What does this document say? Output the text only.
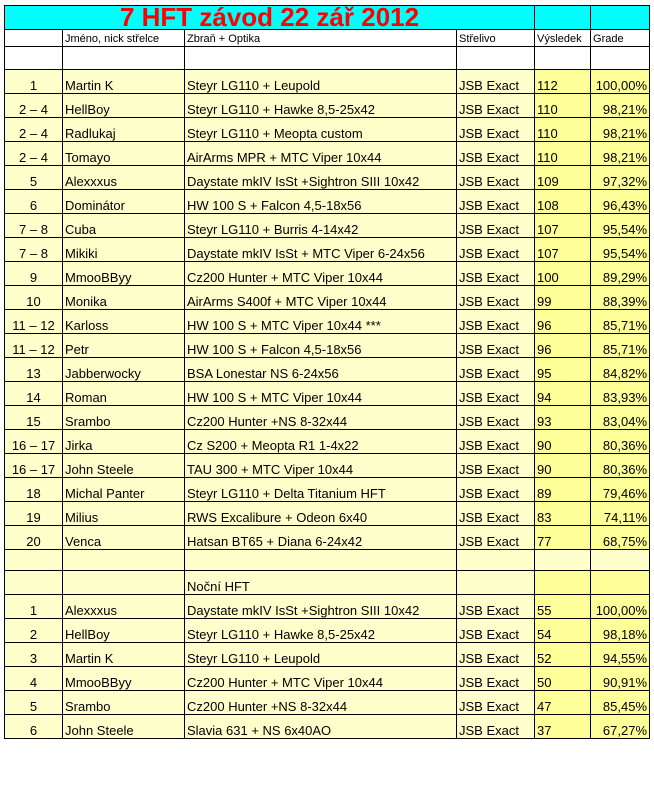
7 HFT závod 22 zář 2012					
	Jméno, nick střelce	Zbraň + Optika	Střelivo	Výsledek	Grade

1	Martin K	Steyr LG110 + Leupold	JSB Exact	112	100,00%
2 – 4	HellBoy	Steyr LG110 + Hawke 8,5-25x42	JSB Exact	110	98,21%
2 – 4	Radlukaj	Steyr LG110 + Meopta custom	JSB Exact	110	98,21%
2 – 4	Tomayo	AirArms MPR + MTC Viper 10x44	JSB Exact	110	98,21%
5	Alexxxus	Daystate mkIV IsSt +Sightron SIII 10x42	JSB Exact	109	97,32%
6	Dominátor	HW 100 S + Falcon 4,5-18x56	JSB Exact	108	96,43%
7 – 8	Cuba	Steyr LG110 + Burris 4-14x42	JSB Exact	107	95,54%
7 – 8	Mikiki	Daystate mkIV IsSt + MTC Viper 6-24x56	JSB Exact	107	95,54%
9	MmooBByy	Cz200 Hunter + MTC Viper 10x44	JSB Exact	100	89,29%
10	Monika	AirArms S400f + MTC Viper 10x44	JSB Exact	99	88,39%
11 – 12	Karloss	HW 100 S + MTC Viper 10x44 ***	JSB Exact	96	85,71%
11 – 12	Petr	HW 100 S + Falcon 4,5-18x56	JSB Exact	96	85,71%
13	Jabberwocky	BSA Lonestar NS 6-24x56	JSB Exact	95	84,82%
14	Roman	HW 100 S + MTC Viper 10x44	JSB Exact	94	83,93%
15	Srambo	Cz200 Hunter +NS 8-32x44	JSB Exact	93	83,04%
16 – 17	Jirka	Cz S200 + Meopta R1 1-4x22	JSB Exact	90	80,36%
16 – 17	John Steele	TAU 300 + MTC Viper 10x44	JSB Exact	90	80,36%
18	Michal Panter	Steyr LG110 + Delta Titanium HFT	JSB Exact	89	79,46%
19	Milius	RWS Excalibure + Odeon 6x40	JSB Exact	83	74,11%
20	Venca	Hatsan BT65 + Diana 6-24x42	JSB Exact	77	68,75%

		Noční HFT			
1	Alexxxus	Daystate mkIV IsSt +Sightron SIII 10x42	JSB Exact	55	100,00%
2	HellBoy	Steyr LG110 + Hawke 8,5-25x42	JSB Exact	54	98,18%
3	Martin K	Steyr LG110 + Leupold	JSB Exact	52	94,55%
4	MmooBByy	Cz200 Hunter + MTC Viper 10x44	JSB Exact	50	90,91%
5	Srambo	Cz200 Hunter +NS 8-32x44	JSB Exact	47	85,45%
6	John Steele	Slavia 631 + NS 6x40AO	JSB Exact	37	67,27%
